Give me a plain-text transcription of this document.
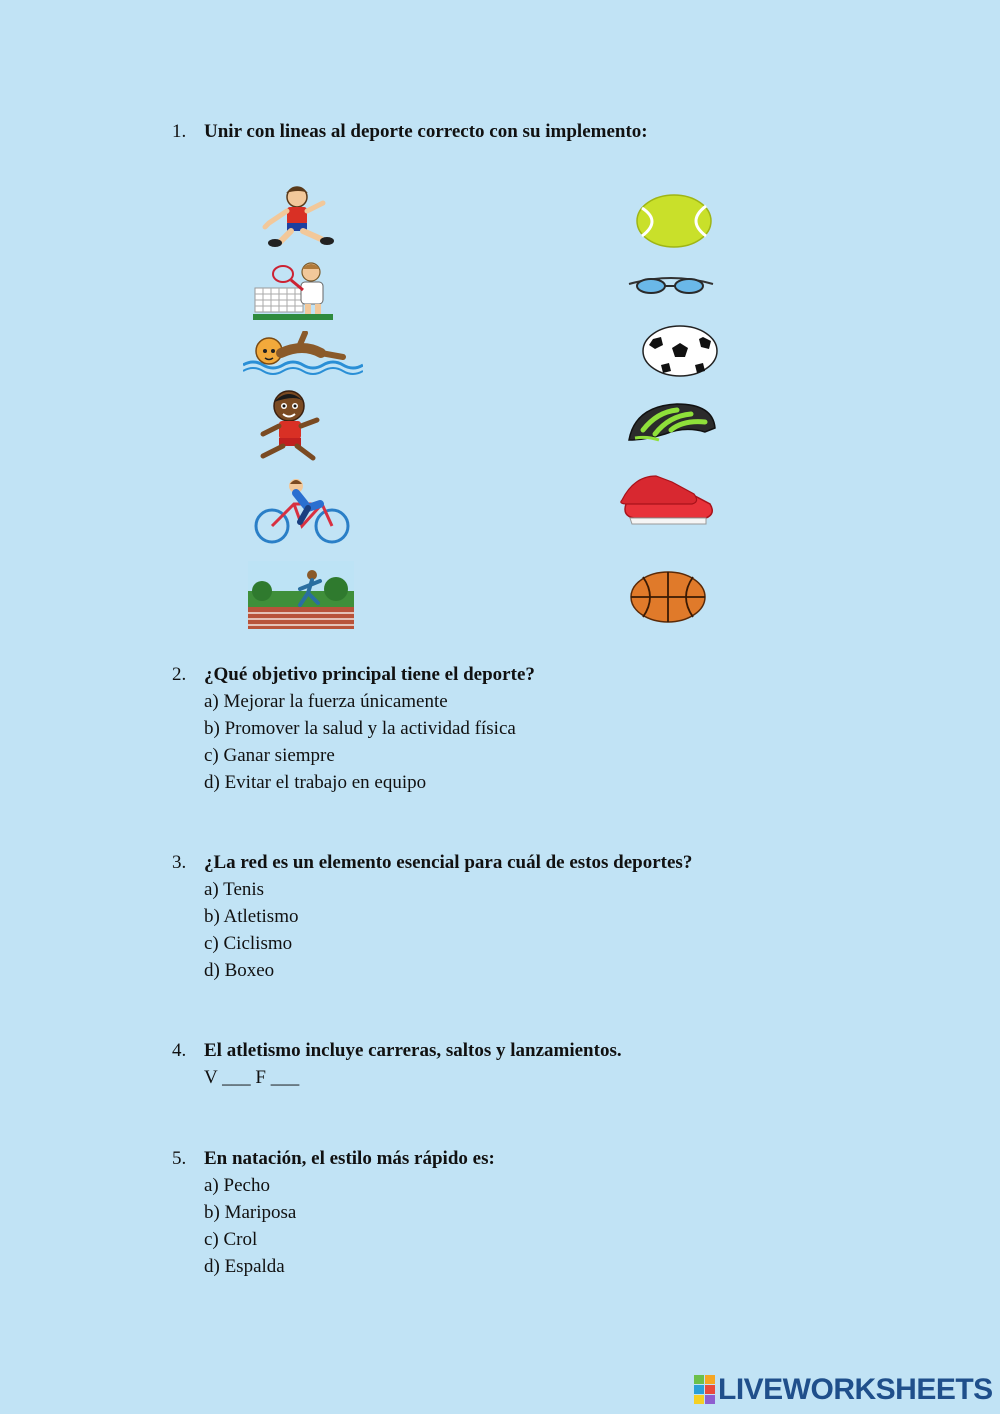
1. Unir con lineas al deporte correcto con su implemento:
2. ¿Qué objetivo principal tiene el deporte?
a) Mejorar la fuerza únicamente
b) Promover la salud y la actividad física
c) Ganar siempre
d) Evitar el trabajo en equipo
3. ¿La red es un elemento esencial para cuál de estos deportes?
a) Tenis
b) Atletismo
c) Ciclismo
d) Boxeo
4. El atletismo incluye carreras, saltos y lanzamientos.
V ___ F ___
5. En natación, el estilo más rápido es:
a) Pecho
b) Mariposa
c) Crol
d) Espalda
LIVEWORKSHEETS
